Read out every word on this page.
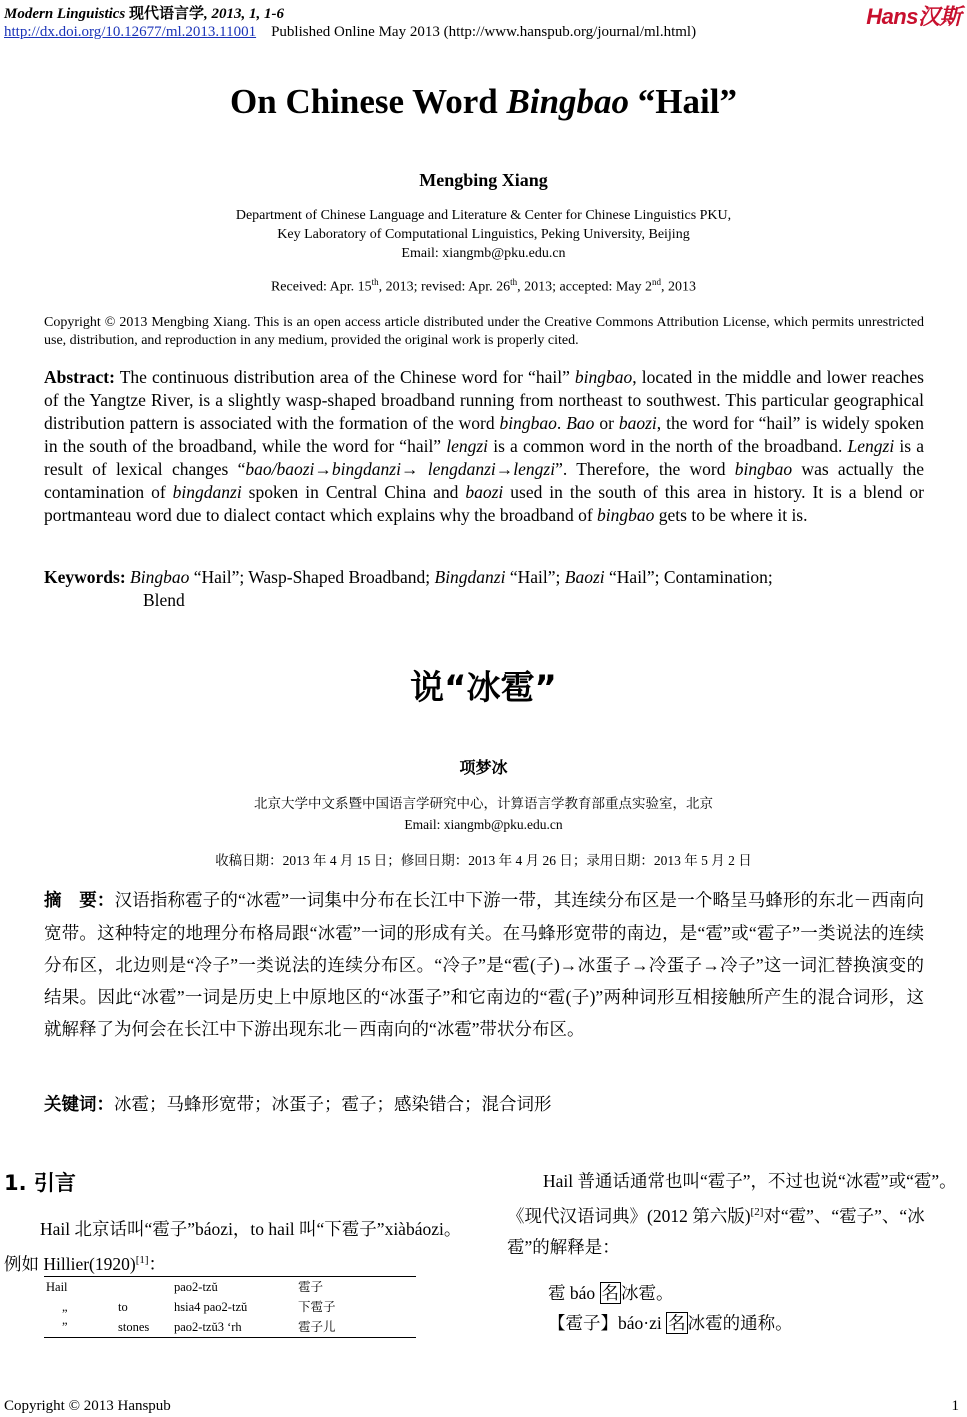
Modern Linguistics 现代语言学, 2013, 1, 1-6
http://dx.doi.org/10.12677/ml.2013.11001 Published Online May 2013 (http://www.hanspub.org/journal/ml.html)
Hans汉斯
On Chinese Word Bingbao “Hail”
Mengbing Xiang
Department of Chinese Language and Literature & Center for Chinese Linguistics PKU,
Key Laboratory of Computational Linguistics, Peking University, Beijing
Email: xiangmb@pku.edu.cn
Received: Apr. 15th, 2013; revised: Apr. 26th, 2013; accepted: May 2nd, 2013
Copyright © 2013 Mengbing Xiang. This is an open access article distributed under the Creative Commons Attribution License, which permits unrestricted use, distribution, and reproduction in any medium, provided the original work is properly cited.
Abstract: The continuous distribution area of the Chinese word for “hail” bingbao, located in the middle and lower reaches of the Yangtze River, is a slightly wasp-shaped broadband running from northeast to southwest. This particular geographical distribution pattern is associated with the formation of the word bingbao. Bao or baozi, the word for “hail” is widely spoken in the south of the broadband, while the word for “hail” lengzi is a common word in the north of the broadband. Lengzi is a result of lexical changes “bao/baozi→bingdanzi→ lengdanzi→lengzi”. Therefore, the word bingbao was actually the contamination of bingdanzi spoken in Central China and baozi used in the south of this area in history. It is a blend or portmanteau word due to dialect contact which explains why the broadband of bingbao gets to be where it is.
Keywords: Bingbao “Hail”; Wasp-Shaped Broadband; Bingdanzi “Hail”; Baozi “Hail”; Contamination;
Blend
说“冰雹”
项梦冰
北京大学中文系暨中国语言学研究中心，计算语言学教育部重点实验室，北京
Email: xiangmb@pku.edu.cn
收稿日期：2013 年 4 月 15 日；修回日期：2013 年 4 月 26 日；录用日期：2013 年 5 月 2 日
摘　要：汉语指称雹子的“冰雹”一词集中分布在长江中下游一带，其连续分布区是一个略呈马蜂形的东北－西南向宽带。这种特定的地理分布格局跟“冰雹”一词的形成有关。在马蜂形宽带的南边，是“雹”或“雹子”一类说法的连续分布区，北边则是“冷子”一类说法的连续分布区。“冷子”是“雹(子)→冰蛋子→冷蛋子→冷子”这一词汇替换演变的结果。因此“冰雹”一词是历史上中原地区的“冰蛋子”和它南边的“雹(子)”两种词形互相接触所产生的混合词形，这就解释了为何会在长江中下游出现东北－西南向的“冰雹”带状分布区。
关键词：冰雹；马蜂形宽带；冰蛋子；雹子；感染错合；混合词形
1. 引言
Hail 北京话叫“雹子”báozi，to hail 叫“下雹子”xiàbáozi。例如 Hillier(1920)[1]：
Hail		pao2-tzŭ	雹子
„	to	hsia4 pao2-tzŭ	下雹子
”	stones	pao2-tzŭ3 ‘rh	雹子儿
Hail 普通话通常也叫“雹子”，不过也说“冰雹”或“雹”。《现代汉语词典》(2012 第六版)[2]对“雹”、“雹子”、“冰雹”的解释是：
雹 báo 名 冰雹。
【雹子】báo·zi 名 冰雹的通称。
Copyright © 2013 Hanspub	1
